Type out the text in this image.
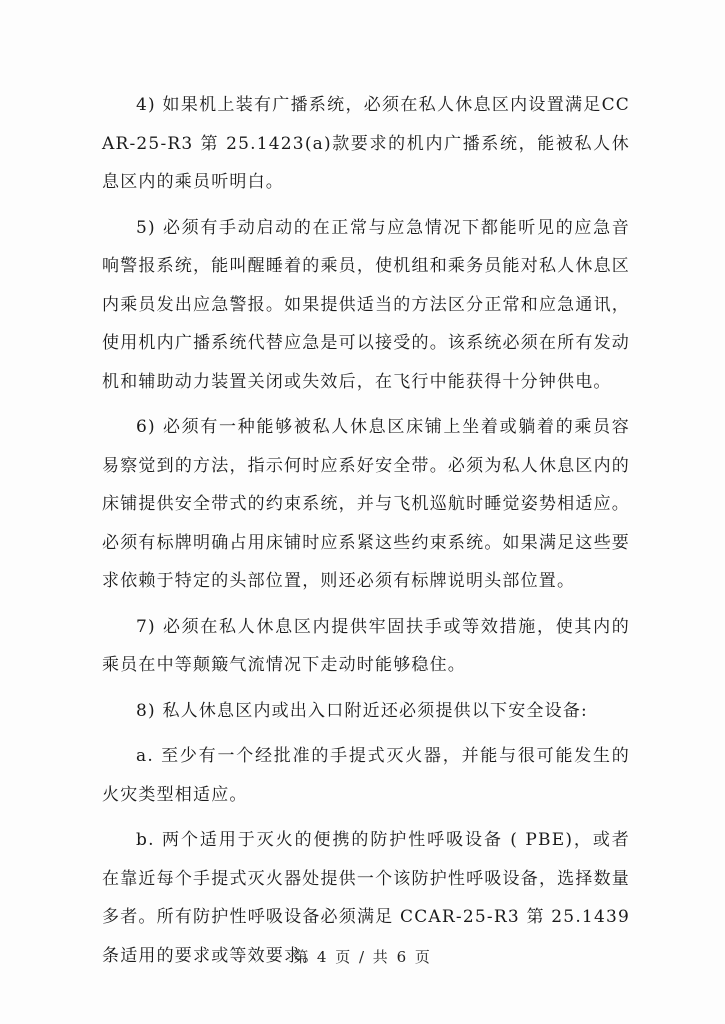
4) 如果机上装有广播系统，必须在私人休息区内设置满足CCAR-25-R3 第 25.1423(a)款要求的机内广播系统，能被私人休息区内的乘员听明白。

5) 必须有手动启动的在正常与应急情况下都能听见的应急音响警报系统，能叫醒睡着的乘员，使机组和乘务员能对私人休息区内乘员发出应急警报。如果提供适当的方法区分正常和应急通讯，使用机内广播系统代替应急是可以接受的。该系统必须在所有发动机和辅助动力装置关闭或失效后，在飞行中能获得十分钟供电。

6) 必须有一种能够被私人休息区床铺上坐着或躺着的乘员容易察觉到的方法，指示何时应系好安全带。必须为私人休息区内的床铺提供安全带式的约束系统，并与飞机巡航时睡觉姿势相适应。必须有标牌明确占用床铺时应系紧这些约束系统。如果满足这些要求依赖于特定的头部位置，则还必须有标牌说明头部位置。

7) 必须在私人休息区内提供牢固扶手或等效措施，使其内的乘员在中等颠簸气流情况下走动时能够稳住。

8) 私人休息区内或出入口附近还必须提供以下安全设备:

a. 至少有一个经批准的手提式灭火器，并能与很可能发生的火灾类型相适应。

b. 两个适用于灭火的便携的防护性呼吸设备 ( PBE)，或者在靠近每个手提式灭火器处提供一个该防护性呼吸设备，选择数量多者。所有防护性呼吸设备必须满足 CCAR-25-R3 第 25.1439 条适用的要求或等效要求。

第 4 页 / 共 6 页
